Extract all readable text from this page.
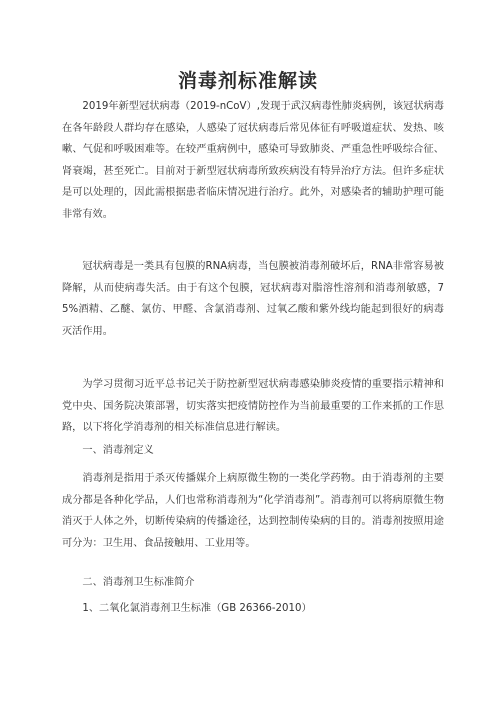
消毒剂标准解读

2019年新型冠状病毒（2019-nCoV）,发现于武汉病毒性肺炎病例，该冠状病毒在各年龄段人群均存在感染，人感染了冠状病毒后常见体征有呼吸道症状、发热、咳嗽、气促和呼吸困难等。在较严重病例中，感染可导致肺炎、严重急性呼吸综合征、肾衰竭，甚至死亡。目前对于新型冠状病毒所致疾病没有特异治疗方法。但许多症状是可以处理的，因此需根据患者临床情况进行治疗。此外，对感染者的辅助护理可能非常有效。

冠状病毒是一类具有包膜的RNA病毒，当包膜被消毒剂破坏后，RNA非常容易被降解，从而使病毒失活。由于有这个包膜，冠状病毒对脂溶性溶剂和消毒剂敏感，75%酒精、乙醚、氯仿、甲醛、含氯消毒剂、过氧乙酸和紫外线均能起到很好的病毒灭活作用。

为学习贯彻习近平总书记关于防控新型冠状病毒感染肺炎疫情的重要指示精神和党中央、国务院决策部署，切实落实把疫情防控作为当前最重要的工作来抓的工作思路，以下将化学消毒剂的相关标准信息进行解读。

一、消毒剂定义

消毒剂是指用于杀灭传播媒介上病原微生物的一类化学药物。由于消毒剂的主要成分都是各种化学品，人们也常称消毒剂为“化学消毒剂”。消毒剂可以将病原微生物消灭于人体之外，切断传染病的传播途径，达到控制传染病的目的。消毒剂按照用途可分为：卫生用、食品接触用、工业用等。

二、消毒剂卫生标准简介

1、二氧化氯消毒剂卫生标准（GB 26366-2010）
